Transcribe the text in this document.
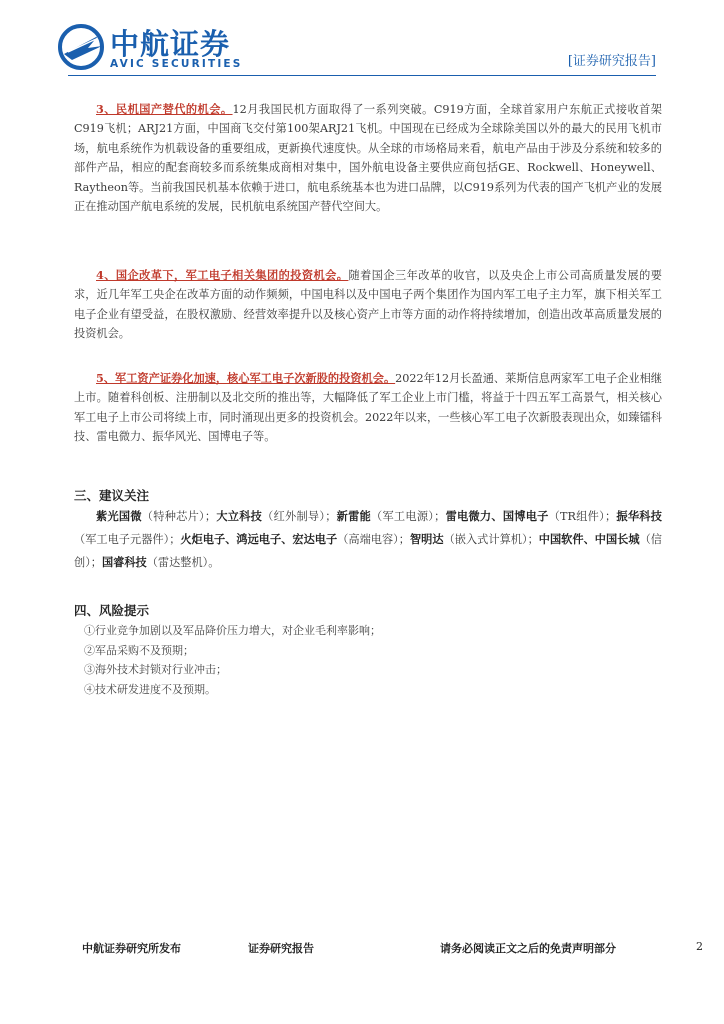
中航证券
AVIC SECURITIES	[证券研究报告]

3、民机国产替代的机会。12月我国民机方面取得了一系列突破。C919方面，全球首家用户东航正式接收首架C919飞机；ARJ21方面，中国商飞交付第100架ARJ21飞机。中国现在已经成为全球除美国以外的最大的民用飞机市场，航电系统作为机载设备的重要组成，更新换代速度快。从全球的市场格局来看，航电产品由于涉及分系统和较多的部件产品，相应的配套商较多而系统集成商相对集中，国外航电设备主要供应商包括GE、Rockwell、Honeywell、Raytheon等。当前我国民机基本依赖于进口，航电系统基本也为进口品牌，以C919系列为代表的国产飞机产业的发展正在推动国产航电系统的发展，民机航电系统国产替代空间大。

4、国企改革下，军工电子相关集团的投资机会。随着国企三年改革的收官，以及央企上市公司高质量发展的要求，近几年军工央企在改革方面的动作频频，中国电科以及中国电子两个集团作为国内军工电子主力军，旗下相关军工电子企业有望受益，在股权激励、经营效率提升以及核心资产上市等方面的动作将持续增加，创造出改革高质量发展的投资机会。

5、军工资产证券化加速，核心军工电子次新股的投资机会。2022年12月长盈通、莱斯信息两家军工电子企业相继上市。随着科创板、注册制以及北交所的推出等，大幅降低了军工企业上市门槛，将益于十四五军工高景气，相关核心军工电子上市公司将续上市，同时涌现出更多的投资机会。2022年以来，一些核心军工电子次新股表现出众，如臻镭科技、雷电微力、振华风光、国博电子等。

三、建议关注

紫光国微（特种芯片）；大立科技（红外制导）；新雷能（军工电源）；雷电微力、国博电子（TR组件）；振华科技（军工电子元器件）；火炬电子、鸿远电子、宏达电子（高端电容）；智明达（嵌入式计算机）；中国软件、中国长城（信创）；国睿科技（雷达整机）。

四、风险提示
①行业竞争加剧以及军品降价压力增大，对企业毛利率影响；
②军品采购不及预期；
③海外技术封锁对行业冲击；
④技术研发进度不及预期。
中航证券研究所发布	证券研究报告	请务必阅读正文之后的免责声明部分	2
